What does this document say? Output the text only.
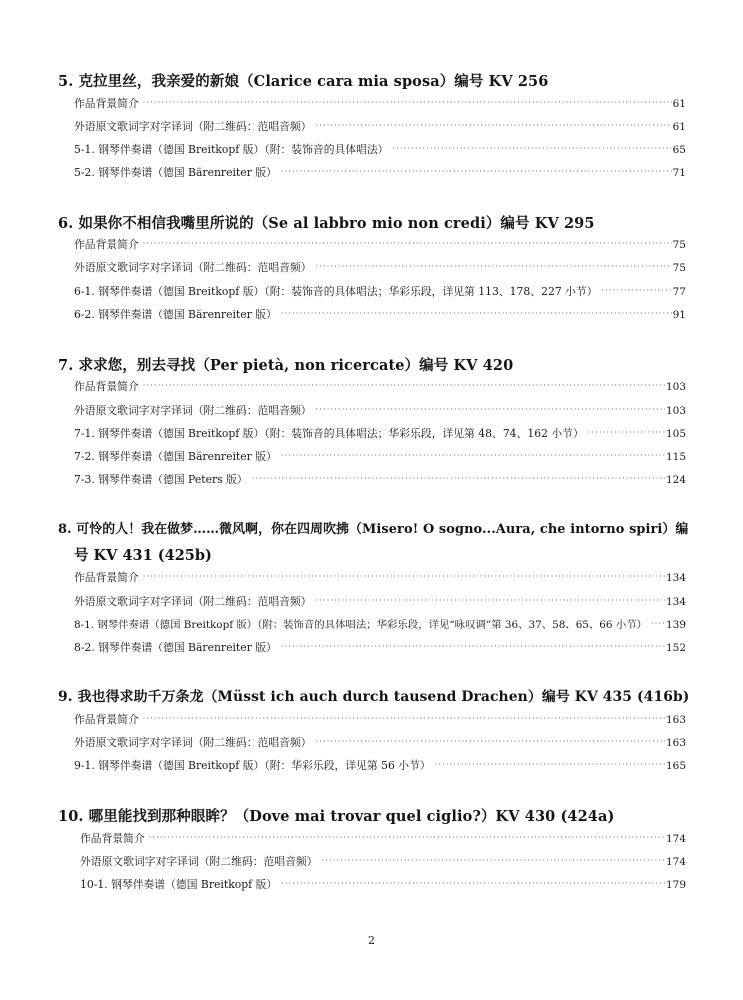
5. 克拉里丝，我亲爱的新娘（Clarice cara mia sposa）编号 KV 256
作品背景简介 ·····	61
外语原文歌词字对字译词（附二维码：范唱音频） ·····	61
5-1. 钢琴伴奏谱（德国 Breitkopf 版）（附：装饰音的具体唱法） ·····	65
5-2. 钢琴伴奏谱（德国 Bärenreiter 版） ·····	71
6. 如果你不相信我嘴里所说的（Se al labbro mio non credi）编号 KV 295
作品背景简介 ·····	75
外语原文歌词字对字译词（附二维码：范唱音频） ·····	75
6-1. 钢琴伴奏谱（德国 Breitkopf 版）（附：装饰音的具体唱法；华彩乐段，详见第 113、178、227 小节） ·····	77
6-2. 钢琴伴奏谱（德国 Bärenreiter 版） ·····	91
7. 求求您，别去寻找（Per pietà, non ricercate）编号 KV 420
作品背景简介 ·····	103
外语原文歌词字对字译词（附二维码：范唱音频） ·····	103
7-1. 钢琴伴奏谱（德国 Breitkopf 版）（附：装饰音的具体唱法；华彩乐段，详见第 48、74、162 小节） ·····	105
7-2. 钢琴伴奏谱（德国 Bärenreiter 版） ·····	115
7-3. 钢琴伴奏谱（德国 Peters 版） ·····	124
8. 可怜的人！我在做梦……微风啊，你在四周吹拂（Misero! O sogno...Aura, che intorno spiri）编
号 KV 431 (425b)
作品背景简介 ·····	134
外语原文歌词字对字译词（附二维码：范唱音频） ·····	134
8-1. 钢琴伴奏谱（德国 Breitkopf 版）（附：装饰音的具体唱法；华彩乐段，详见“咏叹调”第 36、37、58、65、66 小节） ·····	139
8-2. 钢琴伴奏谱（德国 Bärenreiter 版） ·····	152
9. 我也得求助千万条龙（Müsst ich auch durch tausend Drachen）编号 KV 435 (416b)
作品背景简介 ·····	163
外语原文歌词字对字译词（附二维码：范唱音频） ·····	163
9-1. 钢琴伴奏谱（德国 Breitkopf 版）（附：华彩乐段，详见第 56 小节） ·····	165
10. 哪里能找到那种眼眸？（Dove mai trovar quel ciglio?）KV 430 (424a)
作品背景简介 ·····	174
外语原文歌词字对字译词（附二维码：范唱音频） ·····	174
10-1. 钢琴伴奏谱（德国 Breitkopf 版） ·····	179
2
